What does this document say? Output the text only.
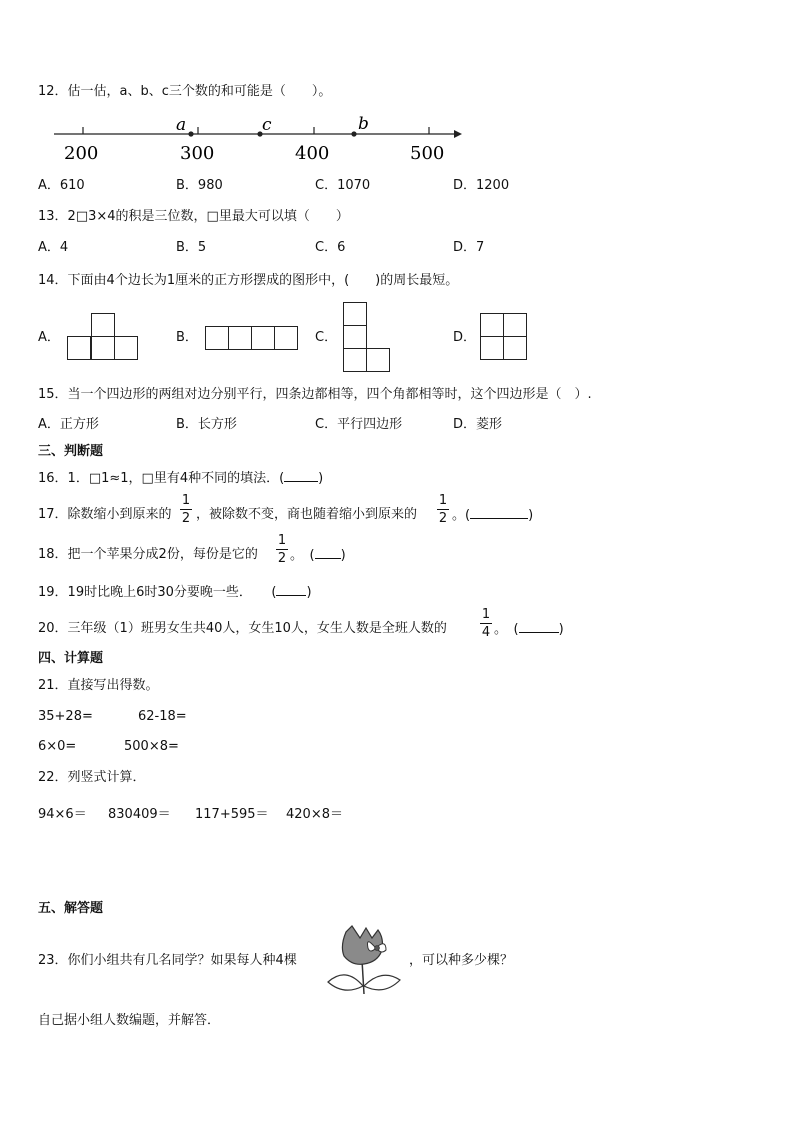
12．估一估，a、b、c三个数的和可能是（　　）。
a	c	b
200	300	400	500
A．610	B．980	C．1070	D．1200
13．2□3×4的积是三位数，□里最大可以填（　　）
A．4	B．5	C．6	D．7
14．下面由4个边长为1厘米的正方形摆成的图形中，(　　)的周长最短。
A．	B．	C．	D．
15．当一个四边形的两组对边分别平行，四条边都相等，四个角都相等时，这个四边形是（　）.
A．正方形	B．长方形	C．平行四边形	D．菱形
三、判断题
16．1．□1≈1，□里有4种不同的填法．(	)
17．除数缩小到原来的
1
2 ，被除数不变，商也随着缩小到原来的
1
2 。(	)
18．把一个苹果分成2份，每份是它的
1
2 。　( )
19．19时比晚上6时30分要晚一些．　　( )
20．三年级（1）班男女生共40人，女生10人，女生人数是全班人数的
1
4 。　(	)
四、计算题
21．直接写出得数。
35+28=	62-18=
6×0=	500×8=
22．列竖式计算．
94×6＝ 830409＝ 117+595＝ 420×8＝
五、解答题
23．你们小组共有几名同学？如果每人种4棵	，可以种多少棵？
自己据小组人数编题，并解答．
